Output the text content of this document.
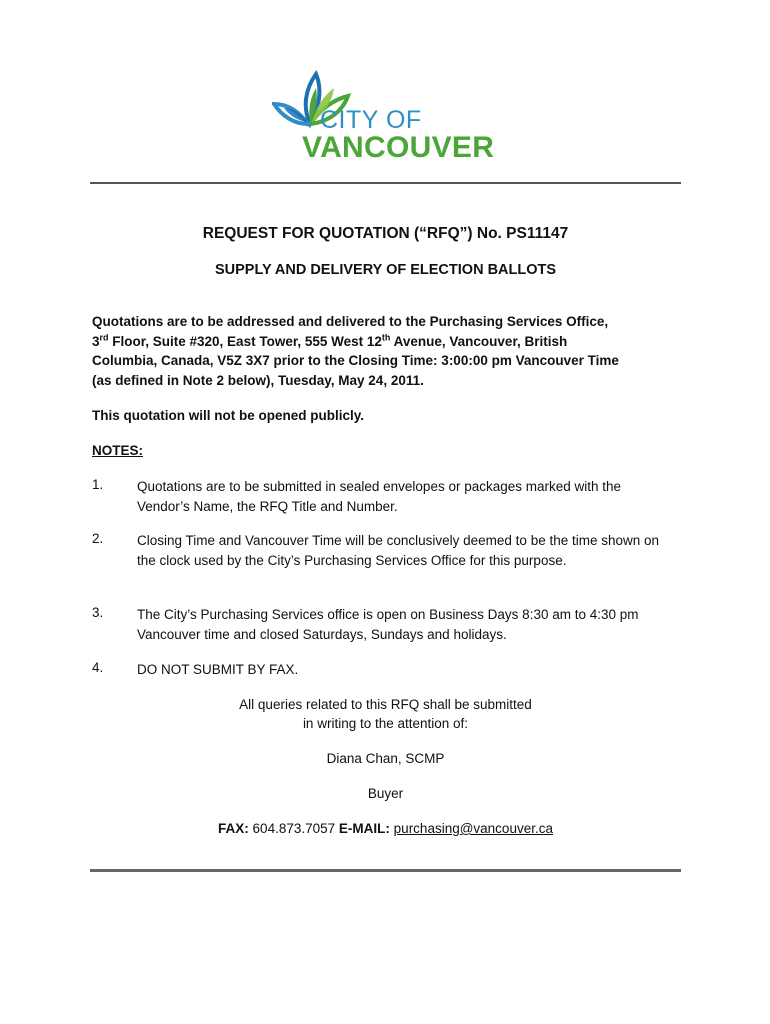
CITY OF
VANCOUVER
REQUEST FOR QUOTATION (“RFQ”) No. PS11147
SUPPLY AND DELIVERY OF ELECTION BALLOTS
Quotations are to be addressed and delivered to the Purchasing Services Office,
3rd Floor, Suite #320, East Tower, 555 West 12th Avenue, Vancouver, British
Columbia, Canada, V5Z 3X7 prior to the Closing Time: 3:00:00 pm Vancouver Time
(as defined in Note 2 below), Tuesday, May 24, 2011.
This quotation will not be opened publicly.
NOTES:
1. Quotations are to be submitted in sealed envelopes or packages marked with the Vendor’s Name, the RFQ Title and Number.
2. Closing Time and Vancouver Time will be conclusively deemed to be the time shown on the clock used by the City’s Purchasing Services Office for this purpose.
3. The City’s Purchasing Services office is open on Business Days 8:30 am to 4:30 pm Vancouver time and closed Saturdays, Sundays and holidays.
4. DO NOT SUBMIT BY FAX.
All queries related to this RFQ shall be submitted
in writing to the attention of:
Diana Chan, SCMP
Buyer
FAX: 604.873.7057 E-MAIL: purchasing@vancouver.ca
